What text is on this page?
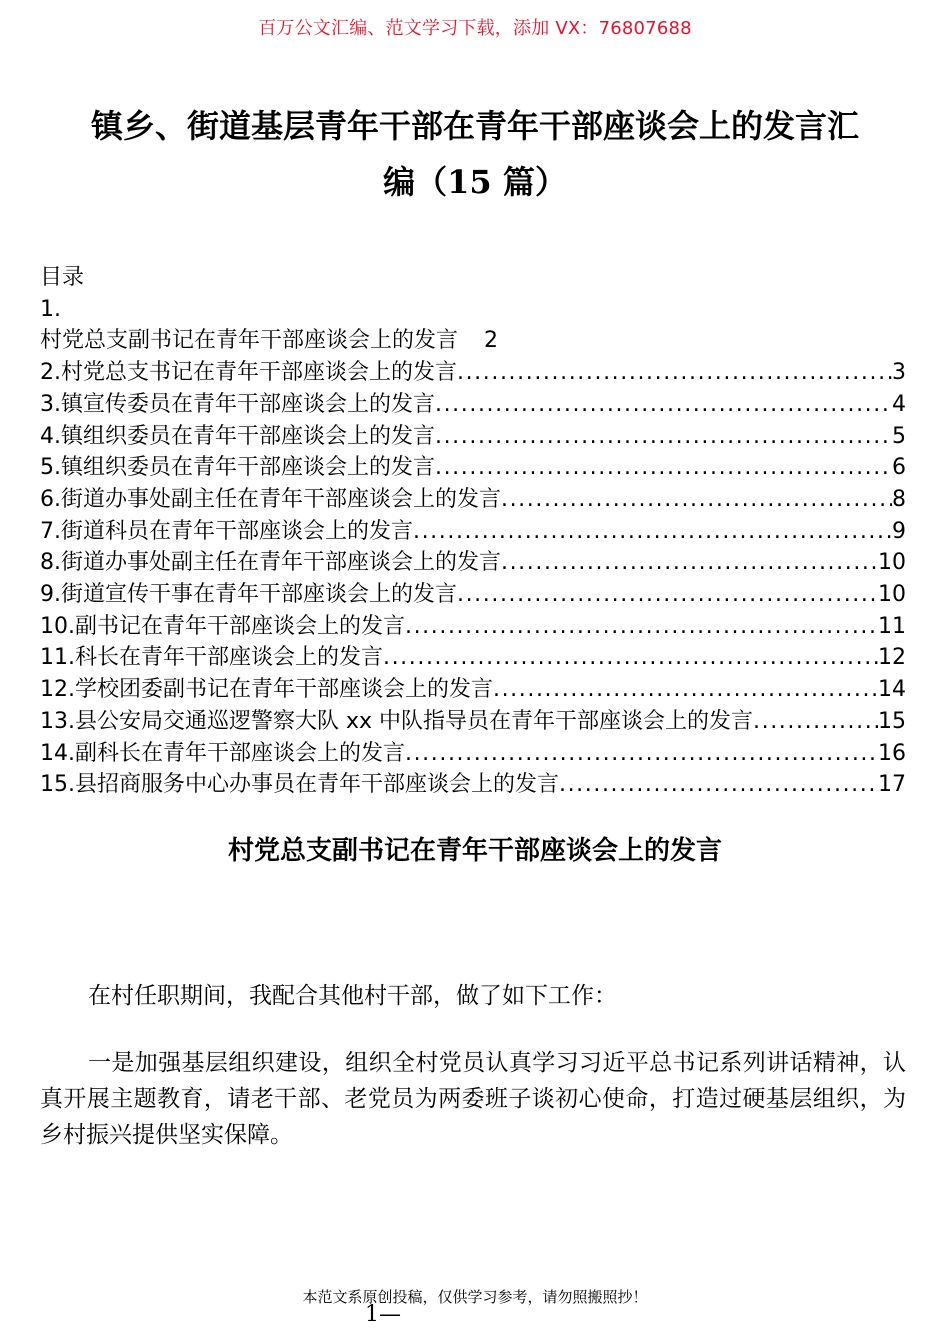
百万公文汇编、范文学习下载，添加 VX：76807688
镇乡、街道基层青年干部在青年干部座谈会上的发言汇
编（15 篇）
目录
1.
村党总支副书记在青年干部座谈会上的发言 2
2.村党总支书记在青年干部座谈会上的发言 .....	3
3.镇宣传委员在青年干部座谈会上的发言 .....	4
4.镇组织委员在青年干部座谈会上的发言 .....	5
5.镇组织委员在青年干部座谈会上的发言 .....	6
6.街道办事处副主任在青年干部座谈会上的发言 .....	8
7.街道科员在青年干部座谈会上的发言 .....	9
8.街道办事处副主任在青年干部座谈会上的发言 .....	10
9.街道宣传干事在青年干部座谈会上的发言 .....	10
10.副书记在青年干部座谈会上的发言 .....	11
11.科长在青年干部座谈会上的发言 .....	12
12.学校团委副书记在青年干部座谈会上的发言 .....	14
13.县公安局交通巡逻警察大队 xx 中队指导员在青年干部座谈会上的发言 .....	15
14.副科长在青年干部座谈会上的发言 .....	16
15.县招商服务中心办事员在青年干部座谈会上的发言 .....	17
村党总支副书记在青年干部座谈会上的发言

在村任职期间，我配合其他村干部，做了如下工作：

一是加强基层组织建设，组织全村党员认真学习习近平总书记系列讲话精神，认真开展主题教育，请老干部、老党员为两委班子谈初心使命，打造过硬基层组织，为乡村振兴提供坚实保障。

本范文系原创投稿，仅供学习参考，请勿照搬照抄！
1—
